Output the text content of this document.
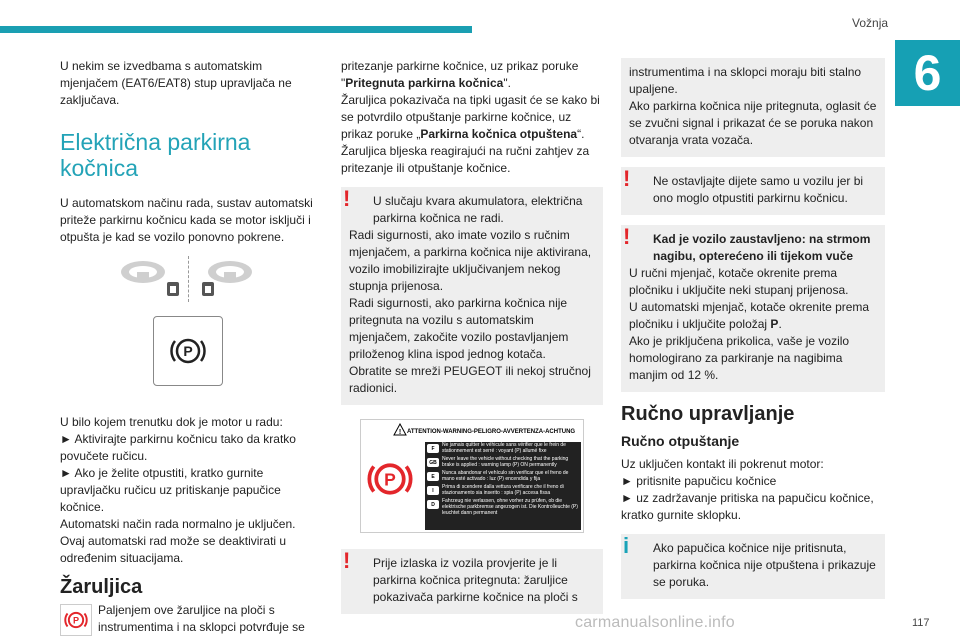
Vožnja
6

U nekim se izvedbama s automatskim mjenjačem (EAT6/EAT8) stup upravljača ne zaključava.

Električna parkirna kočnica

U automatskom načinu rada, sustav automatski priteže parkirnu kočnicu kada se motor isključi i otpušta je kad se vozilo ponovno pokrene.

P

U bilo kojem trenutku dok je motor u radu:

► Aktivirajte parkirnu kočnicu tako da kratko povučete ručicu.

► Ako je želite otpustiti, kratko gurnite upravljačku ručicu uz pritiskanje papučice kočnice.

Automatski način rada normalno je uključen. Ovaj automatski rad može se deaktivirati u određenim situacijama.

Žaruljica
P

Paljenjem ove žaruljice na ploči s instrumentima i na sklopci potvrđuje se

pritezanje parkirne kočnice, uz prikaz poruke "Pritegnuta parkirna kočnica".

Žaruljica pokazivača na tipki ugasit će se kako bi se potvrdilo otpuštanje parkirne kočnice, uz prikaz poruke „Parkirna kočnica otpuštena“. Žaruljica bljeska reagirajući na ručni zahtjev za pritezanje ili otpuštanje kočnice.

!	U slučaju kvara akumulatora, električna parkirna kočnica ne radi.

Radi sigurnosti, ako imate vozilo s ručnim mjenjačem, a parkirna kočnica nije aktivirana, vozilo imobilizirajte uključivanjem nekog stupnja prijenosa.

Radi sigurnosti, ako parkirna kočnica nije pritegnuta na vozilu s automatskim mjenjačem, zakočite vozilo postavljanjem priloženog klina ispod jednog kotača.

Obratite se mreži PEUGEOT ili nekoj stručnoj radionici.

! ATTENTION-WARNING-PELIGRO-AVVERTENZA-ACHTUNG
P
F
Ne jamais quitter le véhicule sans vérifier que le frein de stationnement est serré : voyant (P) allumé fixe
GB
Never leave the vehicle without checking that the parking brake is applied : warning lamp (P) ON permanently
E
Nunca abandonar el vehículo sin verificar que el freno de mano esté activado : luz (P) encendida y fija
I
Prima di scendere dalla vettura verificare che il freno di stazionamento sia inserito : spia (P) accesa fissa
D
Fahrzeug nie verlassen, ohne vorher zu prüfen, ob die elektrische parkbremse angezogen ist. Die Kontrolleuchte (P) leuchtet dann permanent
!	Prije izlaska iz vozila provjerite je li parkirna kočnica pritegnuta: žaruljice pokazivača parkirne kočnice na ploči s

instrumentima i na sklopci moraju biti stalno upaljene.

Ako parkirna kočnica nije pritegnuta, oglasit će se zvučni signal i prikazat će se poruka nakon otvaranja vrata vozača.

!	Ne ostavljajte dijete samo u vozilu jer bi ono moglo otpustiti parkirnu kočnicu.

!	Kad je vozilo zaustavljeno: na strmom nagibu, opterećeno ili tijekom vuče

U ručni mjenjač, kotače okrenite prema pločniku i uključite neki stupanj prijenosa.

U automatski mjenjač, kotače okrenite prema pločniku i uključite položaj P.

Ako je priključena prikolica, vaše je vozilo homologirano za parkiranje na nagibima manjim od 12 %.

Ručno upravljanje
Ručno otpuštanje

Uz uključen kontakt ili pokrenut motor:

► pritisnite papučicu kočnice

► uz zadržavanje pritiska na papučicu kočnice, kratko gurnite sklopku.

i	Ako papučica kočnice nije pritisnuta, parkirna kočnica nije otpuštena i prikazuje se poruka.

carmanualsonline.info	117
